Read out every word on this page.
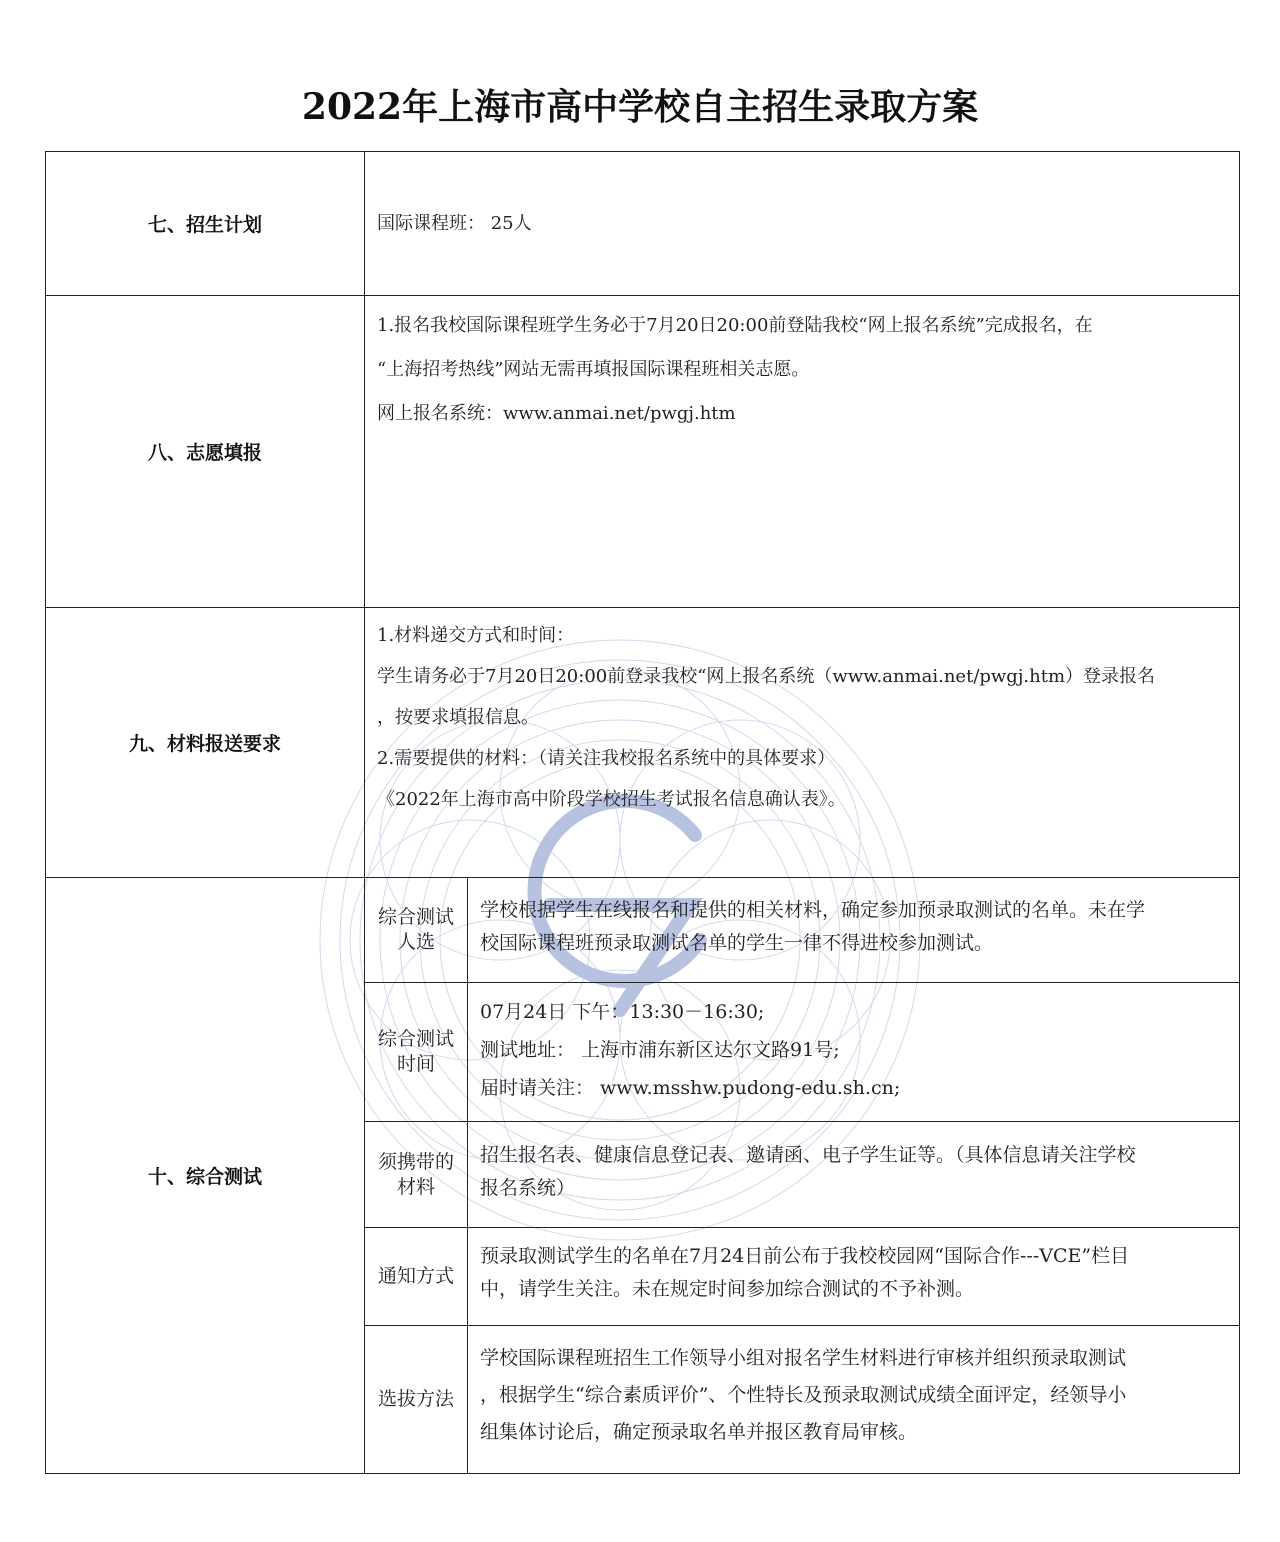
2022年上海市高中学校自主招生录取方案
七、招生计划	国际课程班： 25人

八、志愿填报

1.报名我校国际课程班学生务必于7月20日20:00前登陆我校“网上报名系统”完成报名，在

“上海招考热线”网站无需再填报国际课程班相关志愿。

网上报名系统：www.anmai.net/pwgj.htm

九、材料报送要求

1.材料递交方式和时间：

学生请务必于7月20日20:00前登录我校“网上报名系统（www.anmai.net/pwgj.htm）登录报名

，按要求填报信息。

2.需要提供的材料：（请关注我校报名系统中的具体要求）

《2022年上海市高中阶段学校招生考试报名信息确认表》。

十、综合测试
综合测试
人选

学校根据学生在线报名和提供的相关材料，确定参加预录取测试的名单。未在学

校国际课程班预录取测试名单的学生一律不得进校参加测试。

综合测试
时间

07月24日 下午：13:30－16:30;

测试地址： 上海市浦东新区达尔文路91号;

届时请关注： www.msshw.pudong-edu.sh.cn;

须携带的
材料

招生报名表、健康信息登记表、邀请函、电子学生证等。（具体信息请关注学校

报名系统）

通知方式

预录取测试学生的名单在7月24日前公布于我校校园网“国际合作---VCE”栏目

中，请学生关注。未在规定时间参加综合测试的不予补测。

选拔方法

学校国际课程班招生工作领导小组对报名学生材料进行审核并组织预录取测试

，根据学生“综合素质评价”、个性特长及预录取测试成绩全面评定，经领导小

组集体讨论后，确定预录取名单并报区教育局审核。
